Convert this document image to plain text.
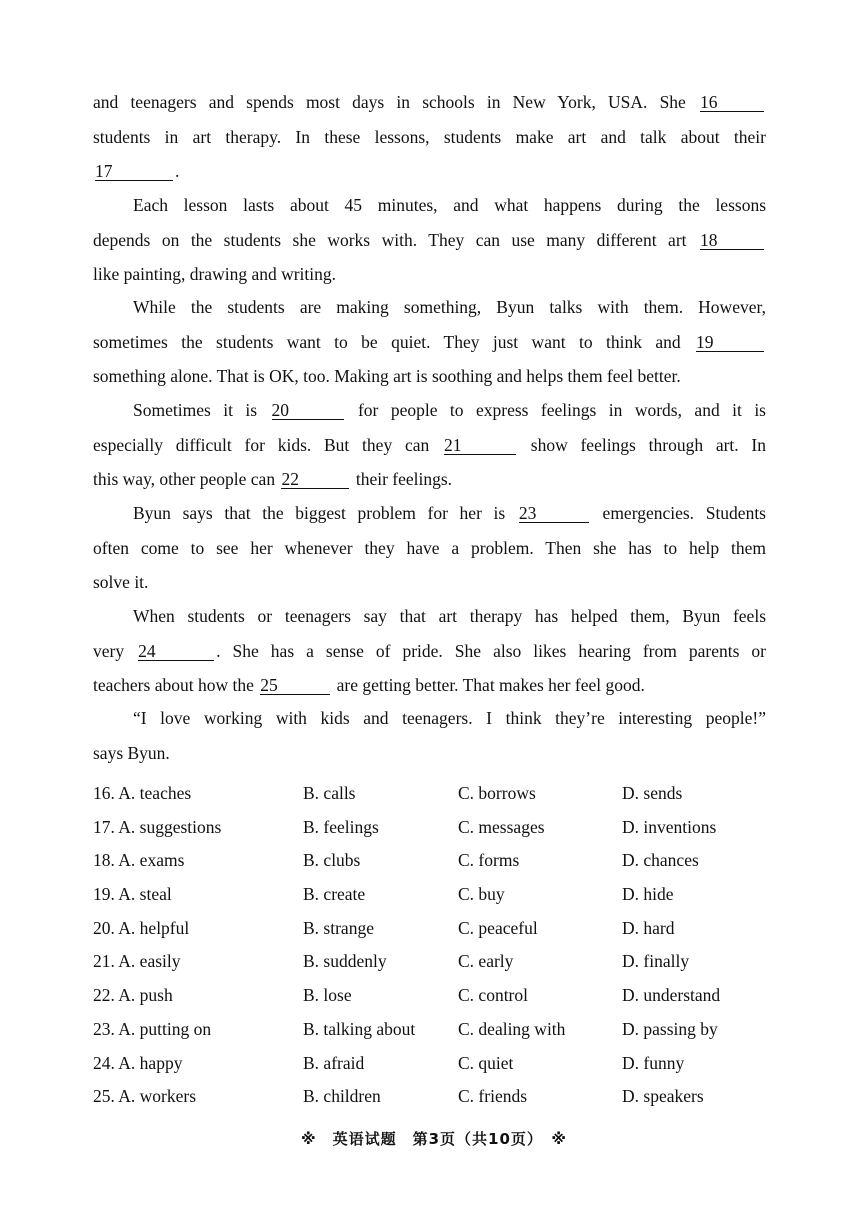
and teenagers and spends most days in schools in New York, USA. She 16
students in art therapy. In these lessons, students make art and talk about their
17	.
Each lesson lasts about 45 minutes, and what happens during the lessons
depends on the students she works with. They can use many different art 18
like painting, drawing and writing.
While the students are making something, Byun talks with them. However,
sometimes the students want to be quiet. They just want to think and 19
something alone. That is OK, too. Making art is soothing and helps them feel better.
Sometimes it is 20	for people to express feelings in words, and it is
especially difficult for kids. But they can 21	show feelings through art. In
this way, other people can 22	their feelings.
Byun says that the biggest problem for her is 23	emergencies. Students
often come to see her whenever they have a problem. Then she has to help them
solve it.
When students or teenagers say that art therapy has helped them, Byun feels
very 24	. She has a sense of pride. She also likes hearing from parents or
teachers about how the 25	are getting better. That makes her feel good.
“I love working with kids and teenagers. I think they’re interesting people!”
says Byun.
16. A. teaches	B. calls	C. borrows	D. sends
17. A. suggestions	B. feelings	C. messages	D. inventions
18. A. exams	B. clubs	C. forms	D. chances
19. A. steal	B. create	C. buy	D. hide
20. A. helpful	B. strange	C. peaceful	D. hard
21. A. easily	B. suddenly	C. early	D. finally
22. A. push	B. lose	C. control	D. understand
23. A. putting on	B. talking about C. dealing with	D. passing by
24. A. happy	B. afraid	C. quiet	D. funny
25. A. workers	B. children	C. friends	D. speakers
※　英语试题　第3页（共10页）　※
